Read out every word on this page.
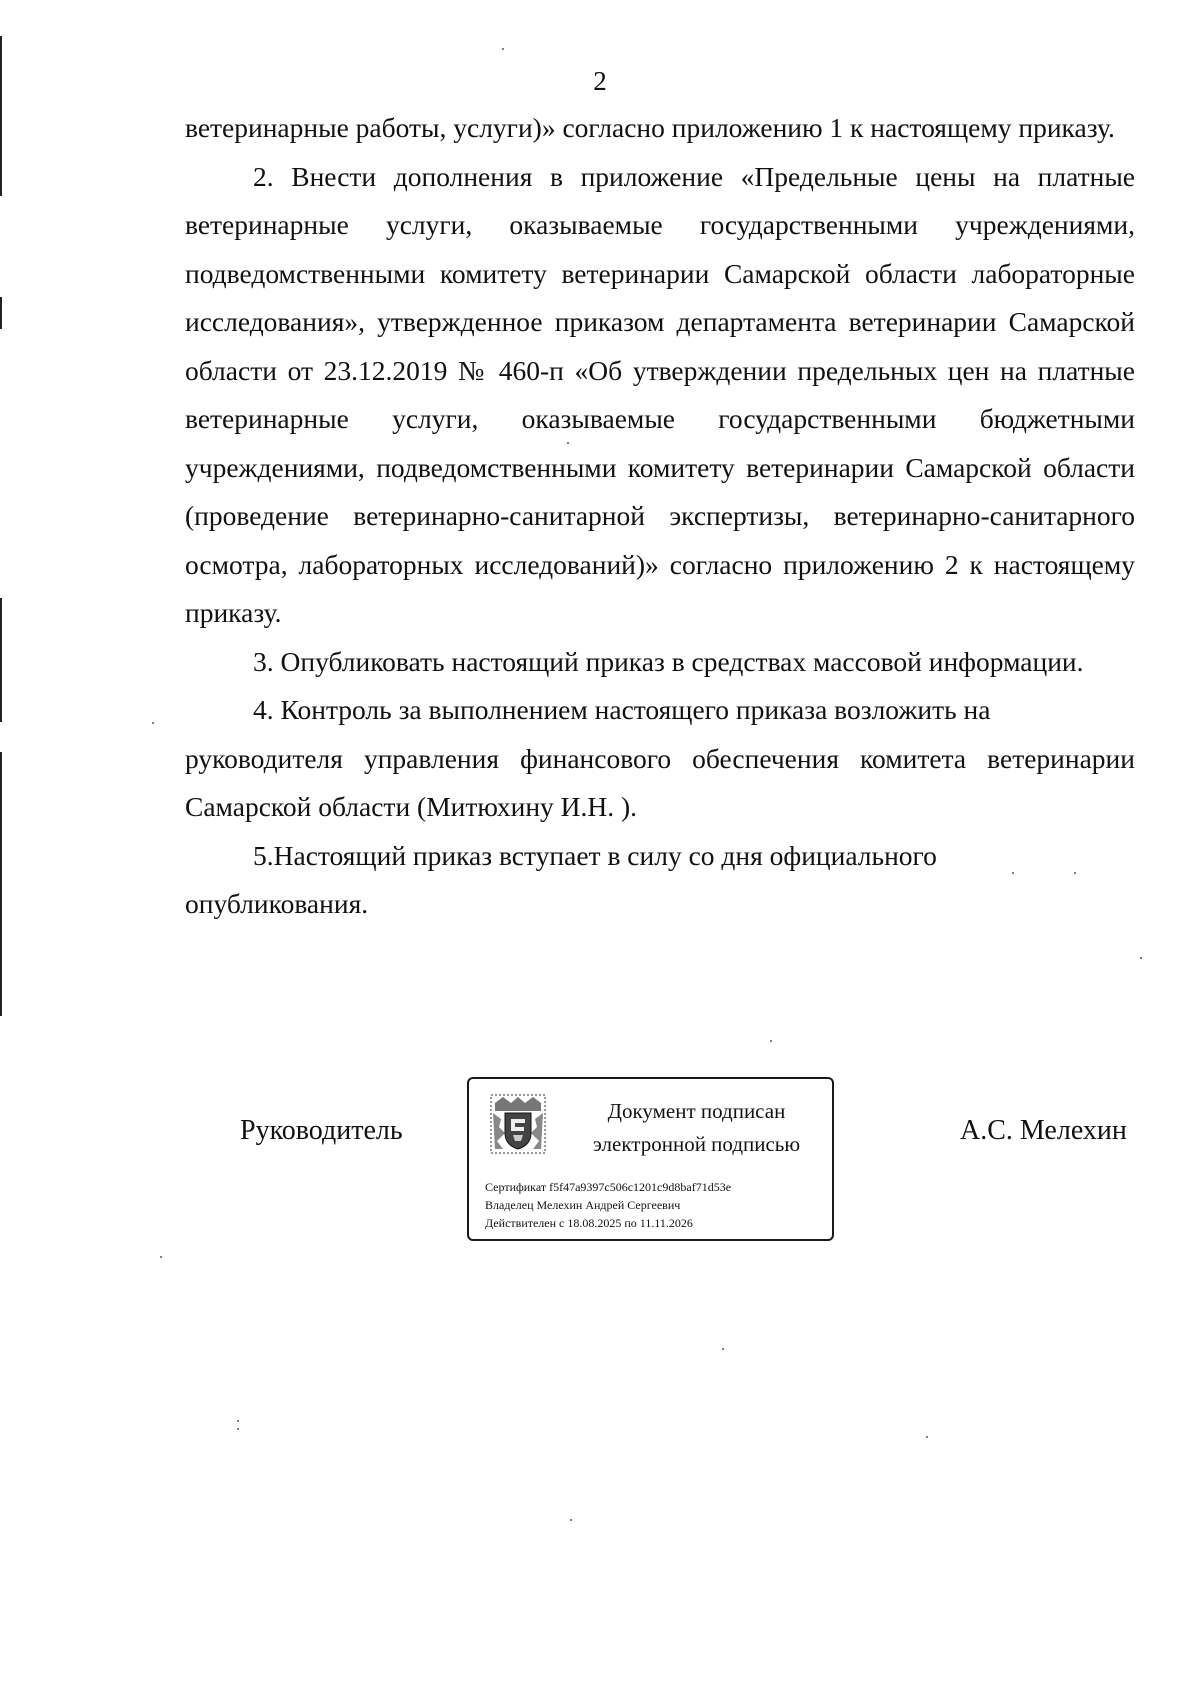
2

ветеринарные работы, услуги)» согласно приложению 1 к настоящему приказу.

2. Внести дополнения в приложение «Предельные цены на платные ветеринарные услуги, оказываемые государственными учреждениями, подведомственными комитету ветеринарии Самарской области лабораторные исследования», утвержденное приказом департамента ветеринарии Самарской области от 23.12.2019 № 460-п «Об утверждении предельных цен на платные ветеринарные услуги, оказываемые государственными бюджетными учреждениями, подведомственными комитету ветеринарии Самарской области (проведение ветеринарно-санитарной экспертизы, ветеринарно-санитарного осмотра, лабораторных исследований)» согласно приложению 2 к настоящему приказу.

3. Опубликовать настоящий приказ в средствах массовой информации.

4. Контроль за выполнением настоящего приказа возложить на

руководителя управления финансового обеспечения комитета ветеринарии Самарской области (Митюхину И.Н. ).

5.Настоящий приказ вступает в силу со дня официального

опубликования.

Руководитель
Документ подписан
электронной подписью
Сертификат f5f47a9397c506c1201c9d8baf71d53e
Владелец Мелехин Андрей Сергеевич
Действителен с 18.08.2025 по 11.11.2026
А.С. Мелехин
